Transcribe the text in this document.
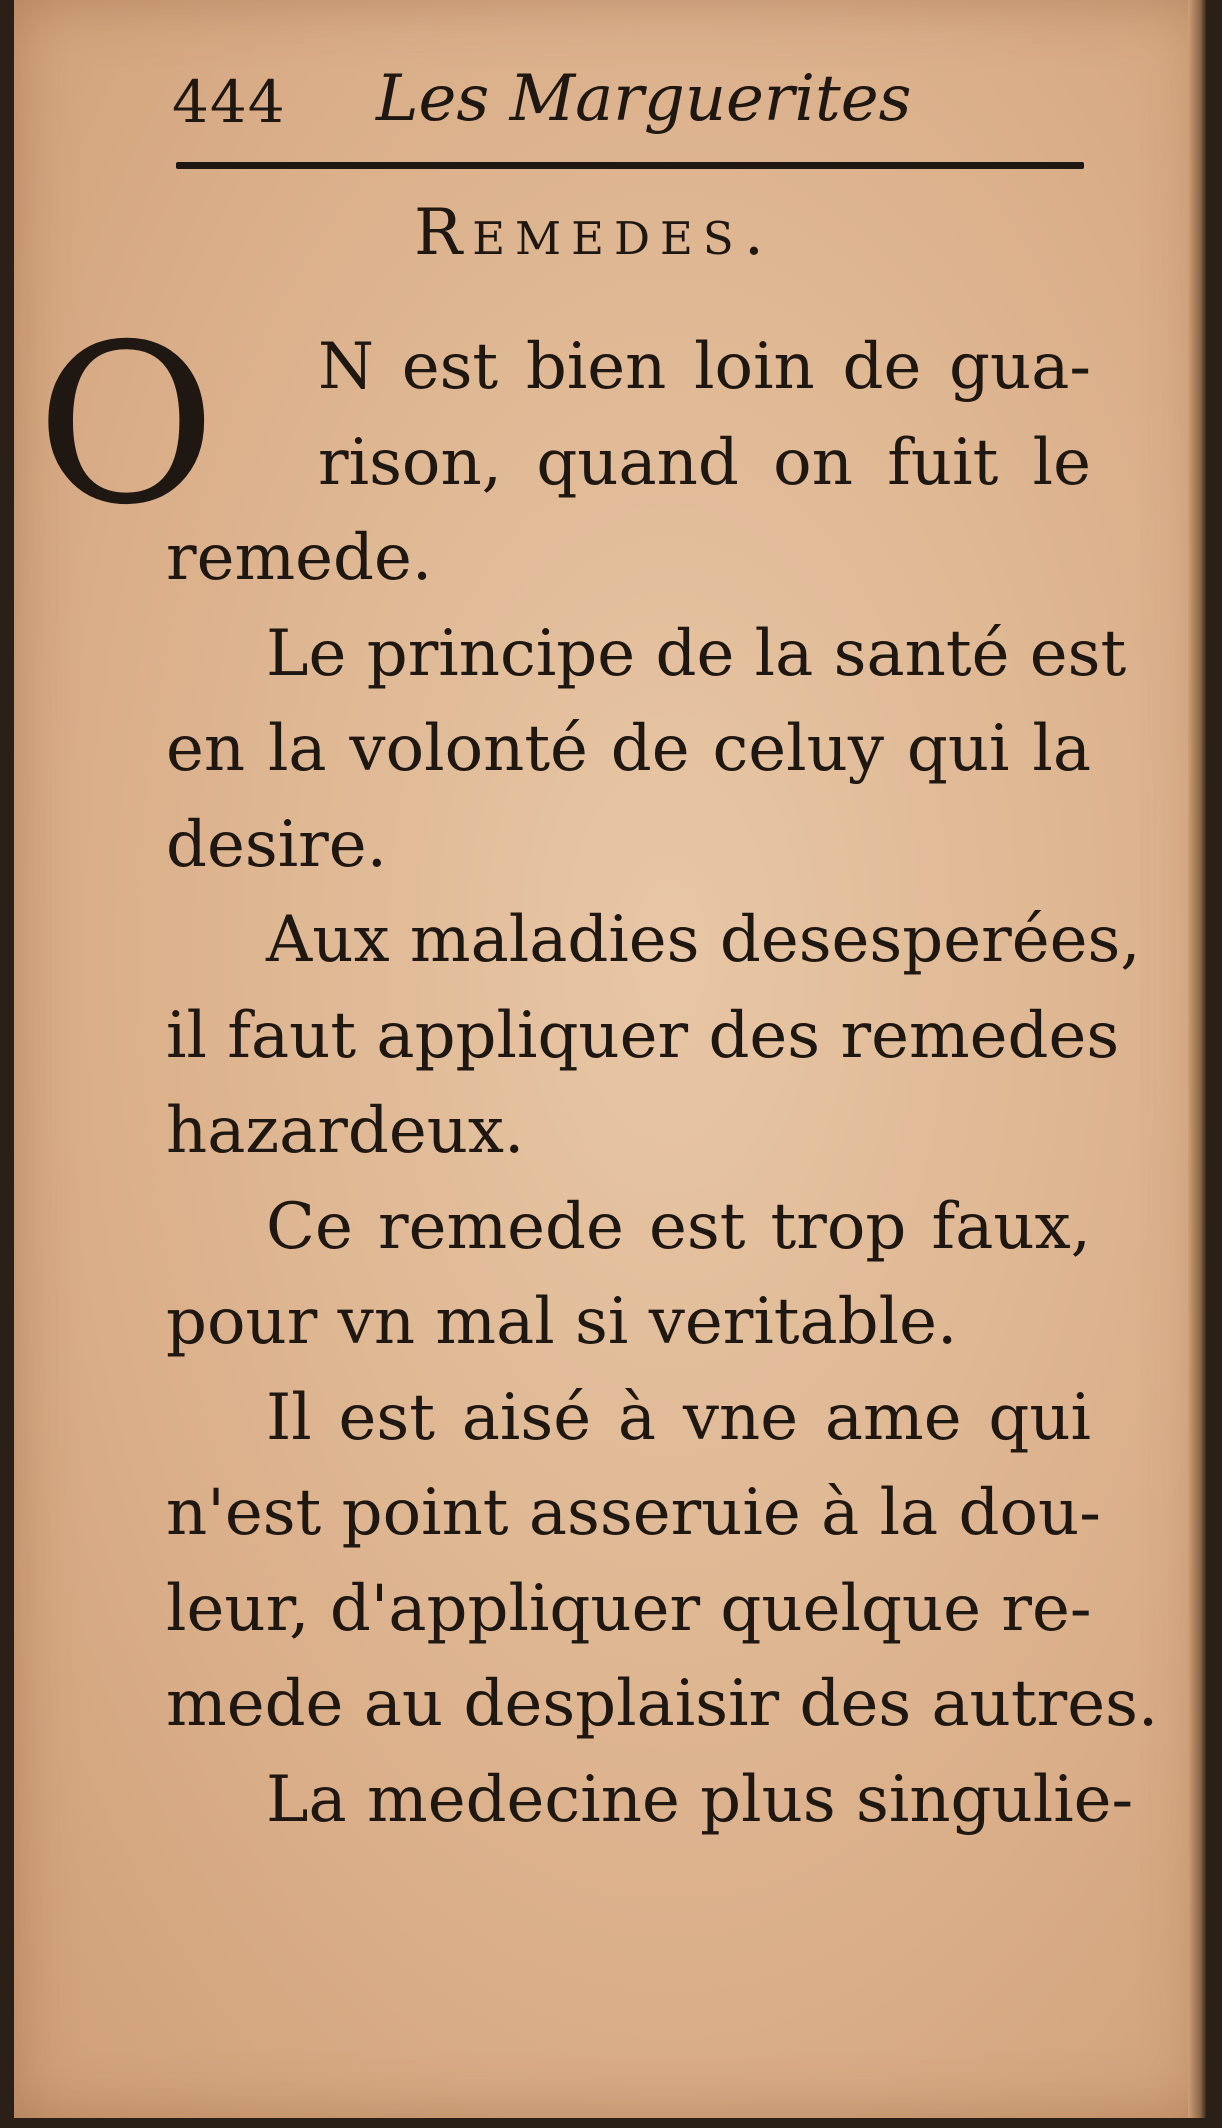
444 Les Marguerites
Remedes.
O	N est bien loin de gua-
rison, quand on fuit le
remede.
Le principe de la santé est
en la volonté de celuy qui la
desire.
Aux maladies desesperées,
il faut appliquer des remedes
hazardeux.
Ce remede est trop faux,
pour vn mal si veritable.
Il est aisé à vne ame qui
n'est point asseruie à la dou-
leur, d'appliquer quelque re-
mede au desplaisir des autres.
La medecine plus singulie-
